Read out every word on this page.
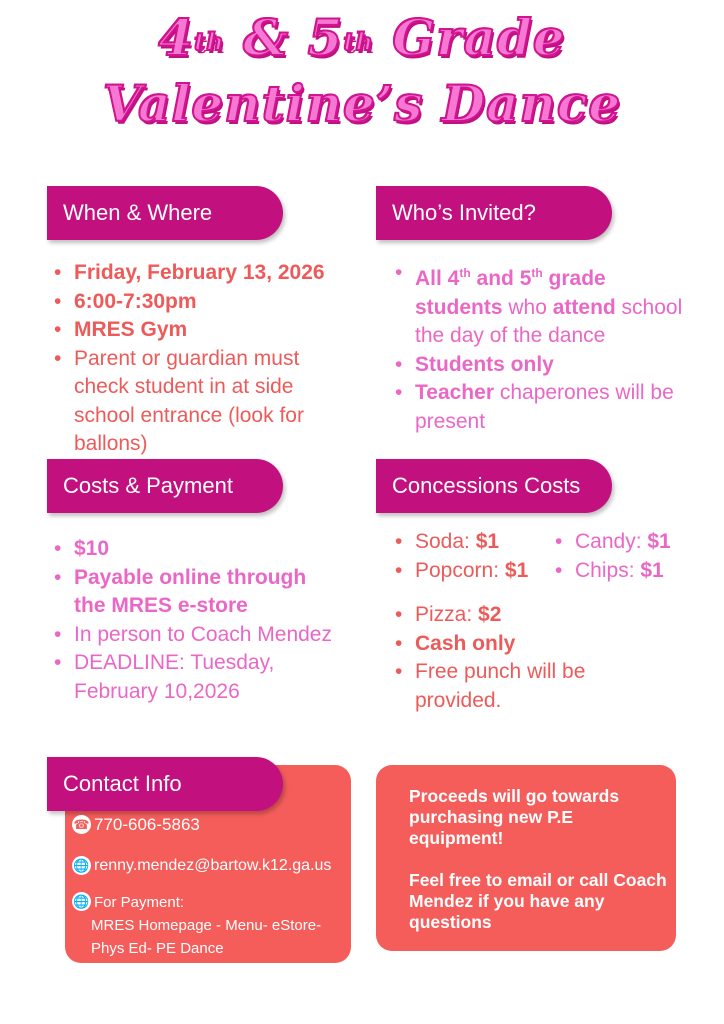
4th & 5th Grade
Valentine’s Dance
When & Where
• Friday, February 13, 2026
• 6:00-7:30pm
• MRES Gym
• Parent or guardian must check student in at side school entrance (look for ballons)
Who’s Invited?
• All 4th and 5th grade students who attend school the day of the dance
• Students only
• Teacher chaperones will be present
Costs & Payment
• $10
• Payable online through the MRES e-store
• In person to Coach Mendez
• DEADLINE: Tuesday, February 10,2026
Concessions Costs
• Soda: $1
• Popcorn: $1
• Candy: $1
• Chips: $1
• Pizza: $2
• Cash only
• Free punch will be provided.
Contact Info
☎ 770-606-5863
🌐 renny.mendez@bartow.k12.ga.us
🌐 For Payment:
MRES Homepage - Menu- eStore- Phys Ed- PE Dance

Proceeds will go towards purchasing new P.E equipment!

Feel free to email or call Coach Mendez if you have any questions
